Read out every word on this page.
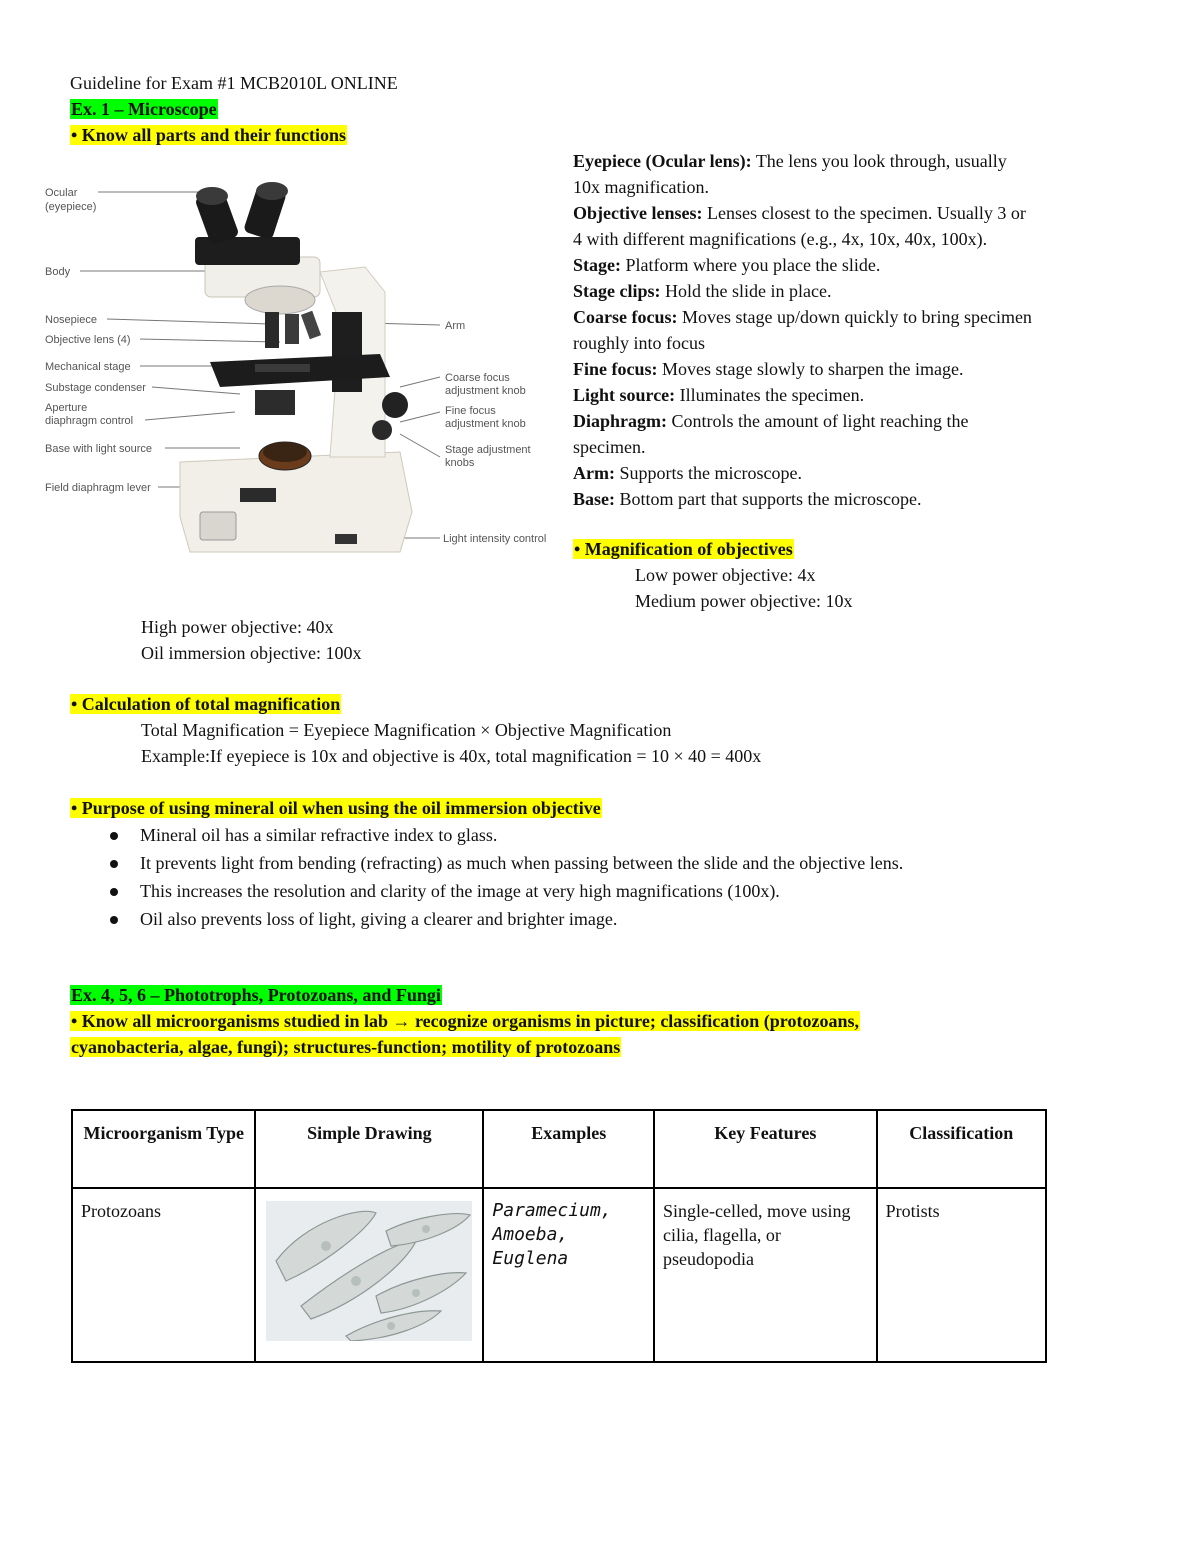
Guideline for Exam #1 MCB2010L ONLINE
Ex. 1 – Microscope
• Know all parts and their functions
Ocular
(eyepiece)
Body
Nosepiece
Objective lens (4)
Mechanical stage
Substage condenser
Aperture
diaphragm control
Base with light source
Field diaphragm lever
Arm
Coarse focus
adjustment knob
Fine focus
adjustment knob
Stage adjustment
knobs
Light intensity control

Eyepiece (Ocular lens): The lens you look through, usually

10x magnification.

Objective lenses: Lenses closest to the specimen. Usually 3 or

4 with different magnifications (e.g., 4x, 10x, 40x, 100x).

Stage: Platform where you place the slide.

Stage clips: Hold the slide in place.

Coarse focus: Moves stage up/down quickly to bring specimen

roughly into focus

Fine focus: Moves stage slowly to sharpen the image.

Light source: Illuminates the specimen.

Diaphragm: Controls the amount of light reaching the

specimen.

Arm: Supports the microscope.

Base: Bottom part that supports the microscope.

• Magnification of objectives
Low power objective: 4x
Medium power objective: 10x
High power objective: 40x
Oil immersion objective: 100x
• Calculation of total magnification
Total Magnification = Eyepiece Magnification × Objective Magnification
Example:If eyepiece is 10x and objective is 40x, total magnification = 10 × 40 = 400x
• Purpose of using mineral oil when using the oil immersion objective
Mineral oil has a similar refractive index to glass.
It prevents light from bending (refracting) as much when passing between the slide and the objective lens.
This increases the resolution and clarity of the image at very high magnifications (100x).
Oil also prevents loss of light, giving a clearer and brighter image.
Ex. 4, 5, 6 – Phototrophs, Protozoans, and Fungi
• Know all microorganisms studied in lab → recognize organisms in picture; classification (protozoans,
cyanobacteria, algae, fungi); structures-function; motility of protozoans
Microorganism Type	Simple Drawing	Examples	Key Features	Classification
Protozoans		Paramecium,
Amoeba,
Euglena	Single-celled, move using cilia, flagella, or pseudopodia	Protists
